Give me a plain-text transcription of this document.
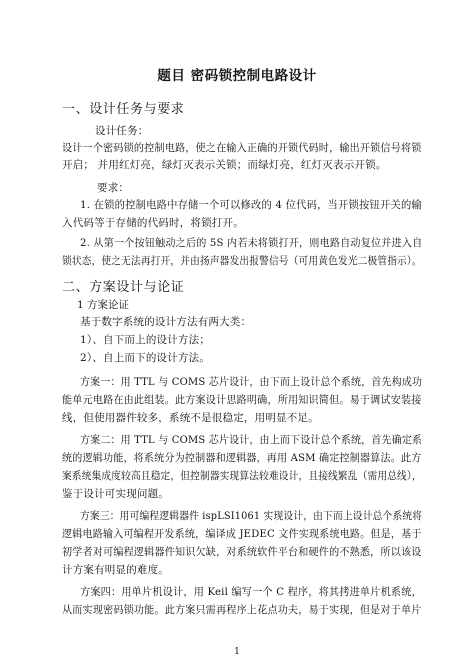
题目 密码锁控制电路设计
一、设计任务与要求
设计任务：
设计一个密码锁的控制电路，使之在输入正确的开锁代码时，输出开锁信号将锁
开启； 并用红灯亮，绿灯灭表示关锁；而绿灯亮，红灯灭表示开锁。
要求：
1. 在锁的控制电路中存储一个可以修改的 4 位代码，当开锁按钮开关的输
入代码等于存储的代码时，将锁打开。
2. 从第一个按钮触动之后的 5S 内若未将锁打开，则电路自动复位并进入自
锁状态，使之无法再打开，并由扬声器发出报警信号（可用黄色发光二极管指示）。
二、方案设计与论证
1 方案论证
基于数字系统的设计方法有两大类：
1）、自下而上的设计方法；
2）、自上而下的设计方法。
方案一：用 TTL 与 COMS 芯片设计，由下而上设计总个系统，首先构成功
能单元电路在由此组装。此方案设计思路明确，所用知识简但。易于调试安装接
线，但使用器件较多，系统不是很稳定，用明显不足。
方案二：用 TTL 与 COMS 芯片设计，由上而下设计总个系统，首先确定系
统的逻辑功能，将系统分为控制器和逻辑器，再用 ASM 确定控制器算法。此方
案系统集成度较高且稳定，但控制器实现算法较难设计，且接线繁乱（需用总线），
鉴于设计可实现问题。
方案三：用可编程逻辑器件 ispLSI1061 实现设计，由下而上设计总个系统将
逻辑电路输入可编程开发系统，编译成 JEDEC 文件实现系统电路。但是，基于
初学者对可编程逻辑器件知识欠缺，对系统软件平台和硬件的不熟悉，所以该设
计方案有明显的难度。
方案四：用单片机设计，用 Keil 编写一个 C 程序，将其拷进单片机系统，
从而实现密码锁功能。此方案只需再程序上花点功夫，易于实现，但是对于单片
1
